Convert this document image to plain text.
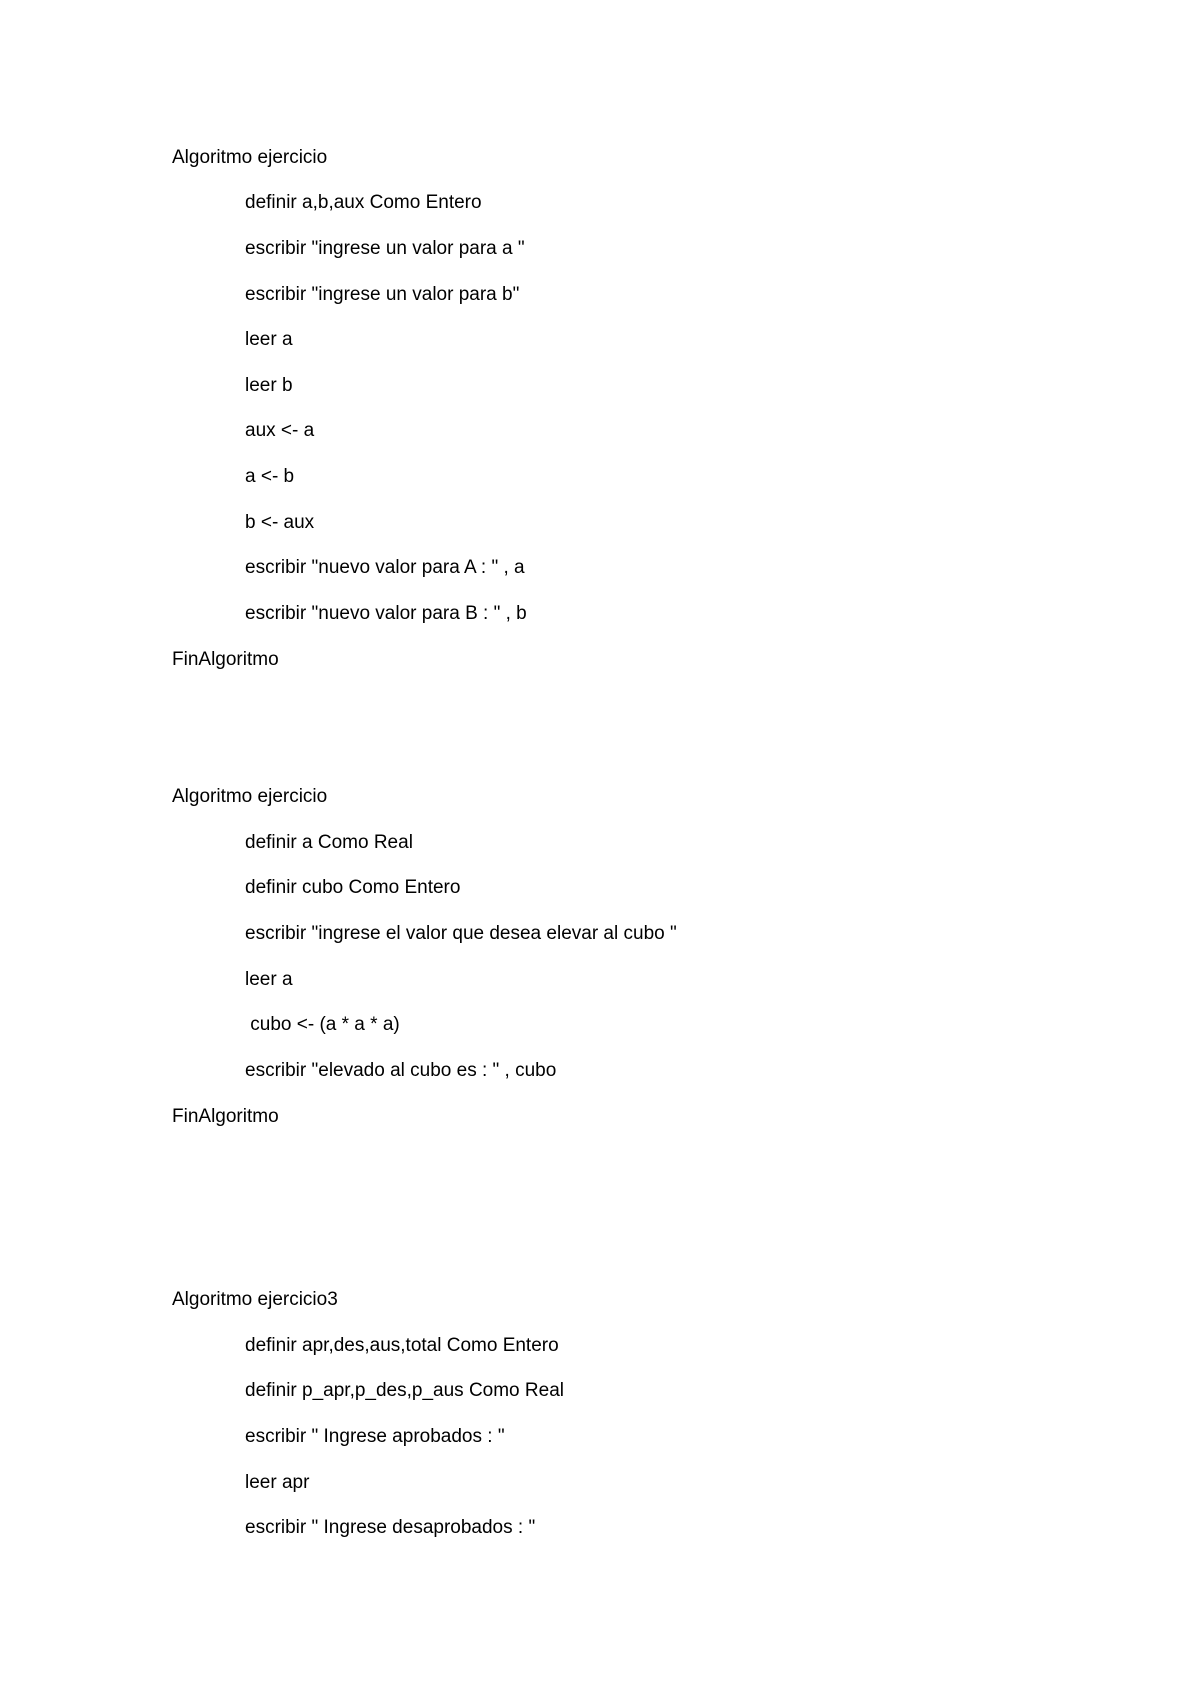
Algoritmo ejercicio
definir a,b,aux Como Entero
escribir "ingrese un valor para a "
escribir "ingrese un valor para b"
leer a
leer b
aux <- a
a <- b
b <- aux
escribir "nuevo valor para A : " , a
escribir "nuevo valor para B : " , b
FinAlgoritmo
Algoritmo ejercicio
definir a Como Real
definir cubo Como Entero
escribir "ingrese el valor que desea elevar al cubo "
leer a
cubo <- (a * a * a)
escribir "elevado al cubo es : " , cubo
FinAlgoritmo
Algoritmo ejercicio3
definir apr,des,aus,total Como Entero
definir p_apr,p_des,p_aus Como Real
escribir " Ingrese aprobados : "
leer apr
escribir " Ingrese desaprobados : "
